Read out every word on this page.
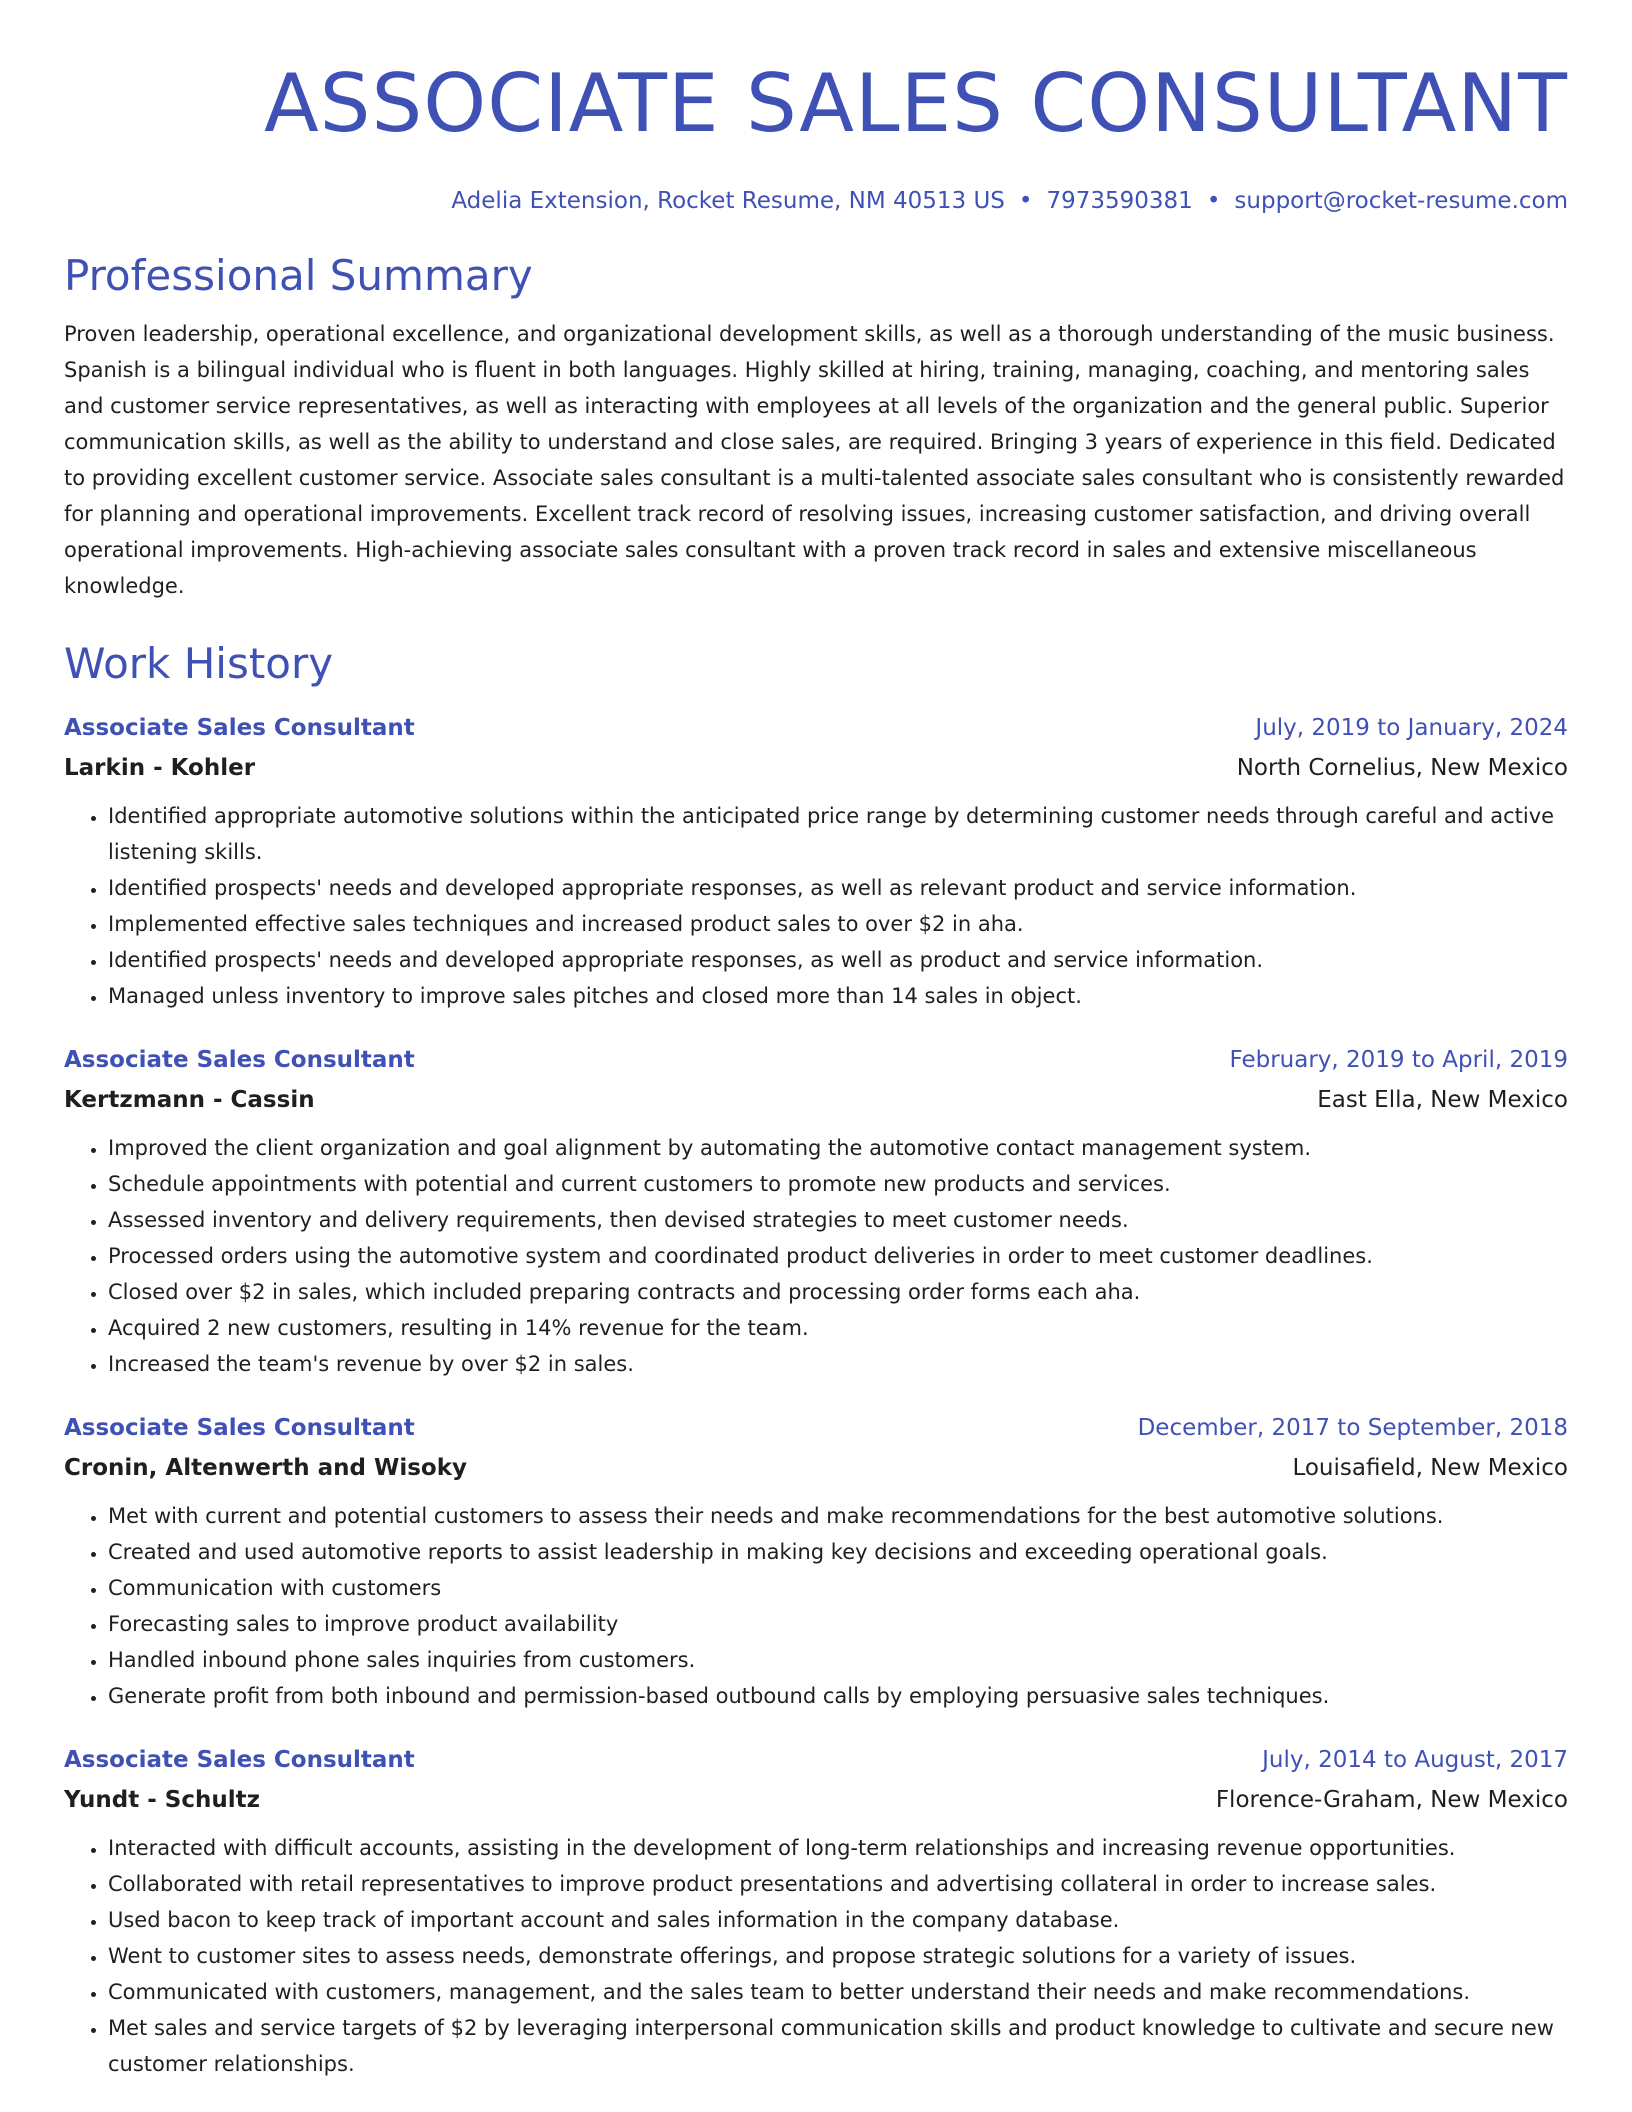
ASSOCIATE SALES CONSULTANT
Adelia Extension, Rocket Resume, NM 40513 US • 7973590381 • support@rocket-resume.com
Professional Summary

Proven leadership, operational excellence, and organizational development skills, as well as a thorough understanding of the music business. Spanish is a bilingual individual who is fluent in both languages. Highly skilled at hiring, training, managing, coaching, and mentoring sales and customer service representatives, as well as interacting with employees at all levels of the organization and the general public. Superior communication skills, as well as the ability to understand and close sales, are required. Bringing 3 years of experience in this field. Dedicated to providing excellent customer service. Associate sales consultant is a multi-talented associate sales consultant who is consistently rewarded for planning and operational improvements. Excellent track record of resolving issues, increasing customer satisfaction, and driving overall operational improvements. High-achieving associate sales consultant with a proven track record in sales and extensive miscellaneous knowledge.

Work History
Associate Sales Consultant	July, 2019 to January, 2024
Larkin - Kohler	North Cornelius, New Mexico
• Identified appropriate automotive solutions within the anticipated price range by determining customer needs through careful and active listening skills.
• Identified prospects' needs and developed appropriate responses, as well as relevant product and service information.
• Implemented effective sales techniques and increased product sales to over $2 in aha.
• Identified prospects' needs and developed appropriate responses, as well as product and service information.
• Managed unless inventory to improve sales pitches and closed more than 14 sales in object.
Associate Sales Consultant	February, 2019 to April, 2019
Kertzmann - Cassin	East Ella, New Mexico
• Improved the client organization and goal alignment by automating the automotive contact management system.
• Schedule appointments with potential and current customers to promote new products and services.
• Assessed inventory and delivery requirements, then devised strategies to meet customer needs.
• Processed orders using the automotive system and coordinated product deliveries in order to meet customer deadlines.
• Closed over $2 in sales, which included preparing contracts and processing order forms each aha.
• Acquired 2 new customers, resulting in 14% revenue for the team.
• Increased the team's revenue by over $2 in sales.
Associate Sales Consultant	December, 2017 to September, 2018
Cronin, Altenwerth and Wisoky	Louisafield, New Mexico
• Met with current and potential customers to assess their needs and make recommendations for the best automotive solutions.
• Created and used automotive reports to assist leadership in making key decisions and exceeding operational goals.
• Communication with customers
• Forecasting sales to improve product availability
• Handled inbound phone sales inquiries from customers.
• Generate profit from both inbound and permission-based outbound calls by employing persuasive sales techniques.
Associate Sales Consultant	July, 2014 to August, 2017
Yundt - Schultz	Florence-Graham, New Mexico
• Interacted with difficult accounts, assisting in the development of long-term relationships and increasing revenue opportunities.
• Collaborated with retail representatives to improve product presentations and advertising collateral in order to increase sales.
• Used bacon to keep track of important account and sales information in the company database.
• Went to customer sites to assess needs, demonstrate offerings, and propose strategic solutions for a variety of issues.
• Communicated with customers, management, and the sales team to better understand their needs and make recommendations.
• Met sales and service targets of $2 by leveraging interpersonal communication skills and product knowledge to cultivate and secure new customer relationships.
